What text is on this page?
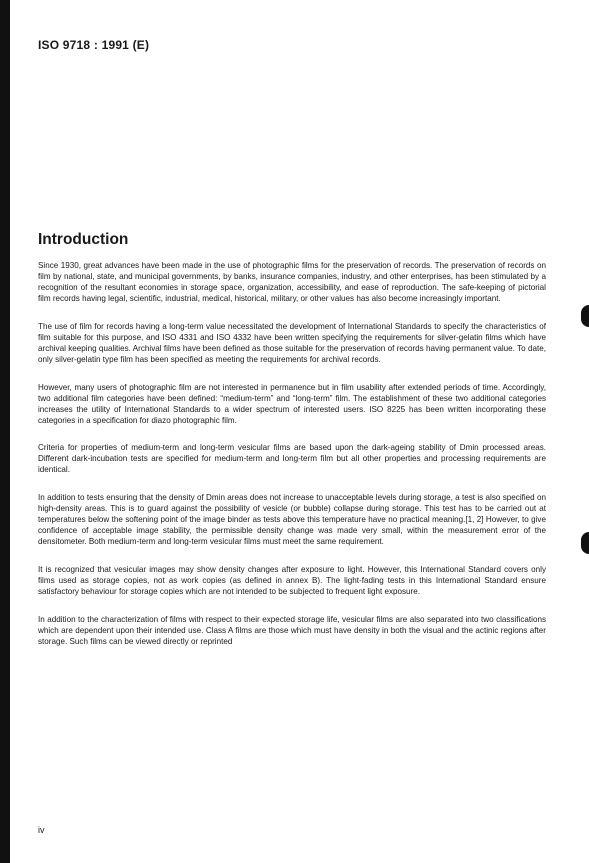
ISO 9718 : 1991 (E)
Introduction

Since 1930, great advances have been made in the use of photographic films for the preservation of records. The preservation of records on film by national, state, and municipal governments, by banks, insurance companies, industry, and other enterprises, has been stimulated by a recognition of the resultant economies in storage space, organization, accessibility, and ease of reproduction. The safe-keeping of pictorial film records having legal, scientific, industrial, medical, historical, military, or other values has also become increasingly important.

The use of film for records having a long-term value necessitated the development of International Standards to specify the characteristics of film suitable for this purpose, and ISO 4331 and ISO 4332 have been written specifying the requirements for silver-gelatin films which have archival keeping qualities. Archival films have been defined as those suitable for the preservation of records having permanent value. To date, only silver-gelatin type film has been specified as meeting the requirements for archival records.

However, many users of photographic film are not interested in permanence but in film usability after extended periods of time. Accordingly, two additional film categories have been defined: “medium-term” and “long-term” film. The establishment of these two additional categories increases the utility of International Standards to a wider spectrum of interested users. ISO 8225 has been written incorporating these categories in a specification for diazo photographic film.

Criteria for properties of medium-term and long-term vesicular films are based upon the dark-ageing stability of Dmin processed areas. Different dark-incubation tests are specified for medium-term and long-term film but all other properties and processing requirements are identical.

In addition to tests ensuring that the density of Dmin areas does not increase to unacceptable levels during storage, a test is also specified on high-density areas. This is to guard against the possibility of vesicle (or bubble) collapse during storage. This test has to be carried out at temperatures below the softening point of the image binder as tests above this temperature have no practical meaning.[1, 2] However, to give confidence of acceptable image stability, the permissible density change was made very small, within the measurement error of the densitometer. Both medium-term and long-term vesicular films must meet the same requirement.

It is recognized that vesicular images may show density changes after exposure to light. However, this International Standard covers only films used as storage copies, not as work copies (as defined in annex B). The light-fading tests in this International Standard ensure satisfactory behaviour for storage copies which are not intended to be subjected to frequent light exposure.

In addition to the characterization of films with respect to their expected storage life, vesicular films are also separated into two classifications which are dependent upon their intended use. Class A films are those which must have density in both the visual and the actinic regions after storage. Such films can be viewed directly or reprinted

iv
